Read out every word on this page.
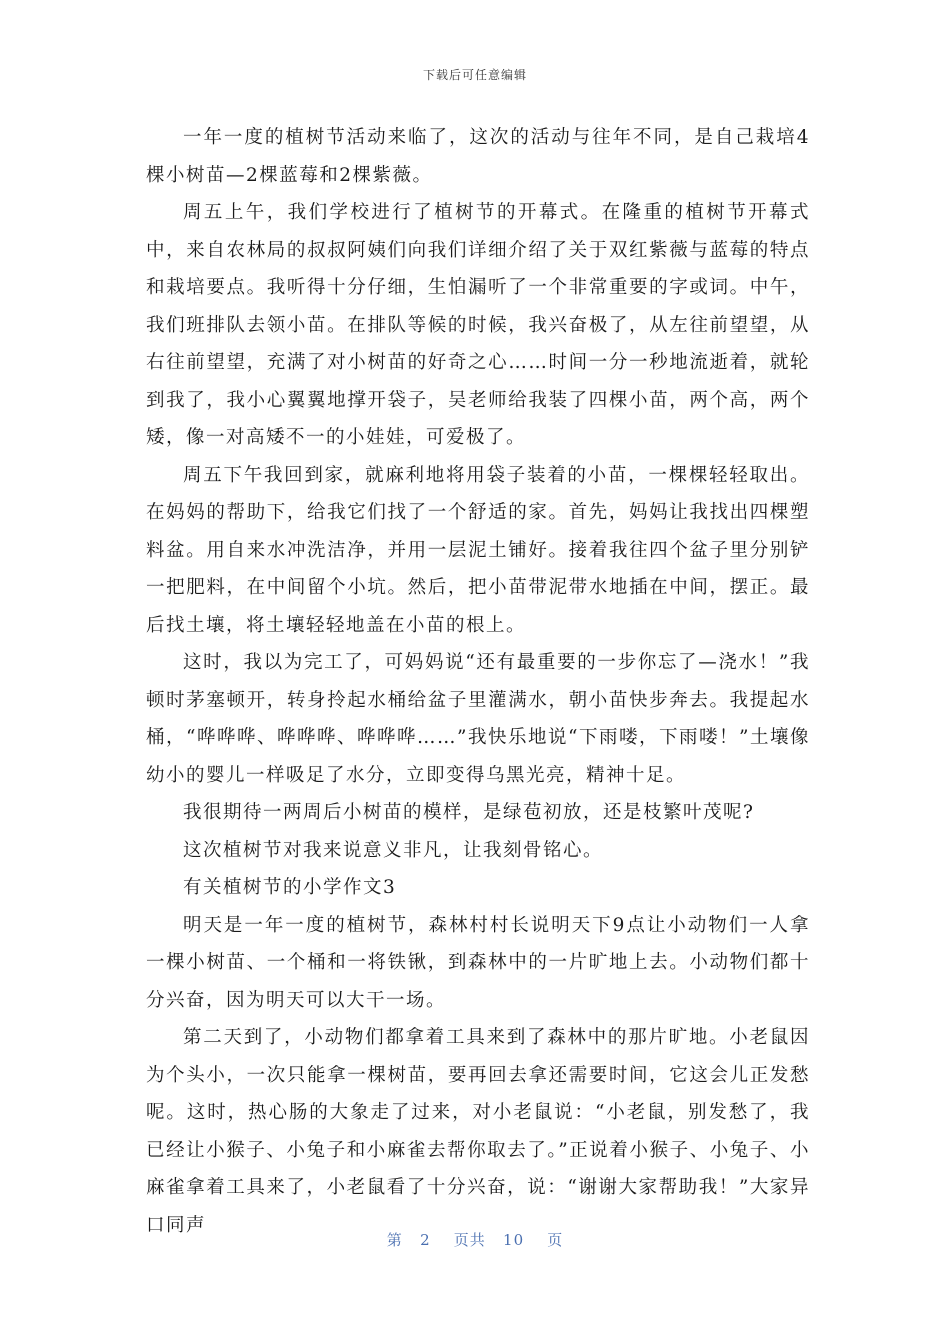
下载后可任意编辑

一年一度的植树节活动来临了，这次的活动与往年不同，是自己栽培4棵小树苗—2棵蓝莓和2棵紫薇。

周五上午，我们学校进行了植树节的开幕式。在隆重的植树节开幕式中，来自农林局的叔叔阿姨们向我们详细介绍了关于双红紫薇与蓝莓的特点和栽培要点。我听得十分仔细，生怕漏听了一个非常重要的字或词。中午，我们班排队去领小苗。在排队等候的时候，我兴奋极了，从左往前望望，从右往前望望，充满了对小树苗的好奇之心……时间一分一秒地流逝着，就轮到我了，我小心翼翼地撑开袋子，吴老师给我装了四棵小苗，两个高，两个矮，像一对高矮不一的小娃娃，可爱极了。

周五下午我回到家，就麻利地将用袋子装着的小苗，一棵棵轻轻取出。在妈妈的帮助下，给我它们找了一个舒适的家。首先，妈妈让我找出四棵塑料盆。用自来水冲洗洁净，并用一层泥土铺好。接着我往四个盆子里分别铲一把肥料，在中间留个小坑。然后，把小苗带泥带水地插在中间，摆正。最后找土壤，将土壤轻轻地盖在小苗的根上。

这时，我以为完工了，可妈妈说“还有最重要的一步你忘了—浇水！”我顿时茅塞顿开，转身拎起水桶给盆子里灌满水，朝小苗快步奔去。我提起水桶，“哗哗哗、哗哗哗、哗哗哗……”我快乐地说“下雨喽，下雨喽！”土壤像幼小的婴儿一样吸足了水分，立即变得乌黑光亮，精神十足。

我很期待一两周后小树苗的模样，是绿苞初放，还是枝繁叶茂呢?

这次植树节对我来说意义非凡，让我刻骨铭心。

有关植树节的小学作文3

明天是一年一度的植树节，森林村村长说明天下9点让小动物们一人拿一棵小树苗、一个桶和一将铁锹，到森林中的一片旷地上去。小动物们都十分兴奋，因为明天可以大干一场。

第二天到了，小动物们都拿着工具来到了森林中的那片旷地。小老鼠因为个头小，一次只能拿一棵树苗，要再回去拿还需要时间，它这会儿正发愁呢。这时，热心肠的大象走了过来，对小老鼠说：“小老鼠，别发愁了，我已经让小猴子、小兔子和小麻雀去帮你取去了。”正说着小猴子、小兔子、小麻雀拿着工具来了，小老鼠看了十分兴奋，说：“谢谢大家帮助我！”大家异口同声

第 2 页共 10 页
